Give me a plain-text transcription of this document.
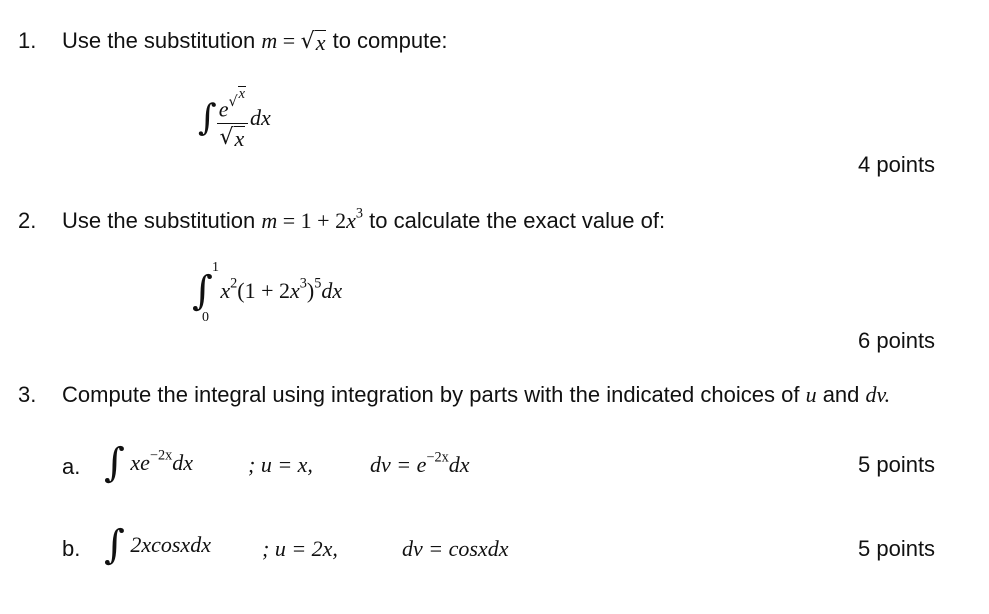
1. Use the substitution m = √ x to compute:
∫ $\frac{e ^{√ x}}{√ x}$ dx
4 points
2. Use the substitution $m = 1 + 2x^3$ to calculate the exact value of:
∫
1
0
$x^2(1 + 2x^3)^5dx$
6 points
3. Compute the integral using integration by parts with the indicated choices of u and dv.
a. ∫ $xe^{-2x}dx$ ; u = x,	dv = $e^{-2x}dx$	5 points
b. ∫ 2xcosxdx ; u = 2x,	dv = cosxdx	5 points
